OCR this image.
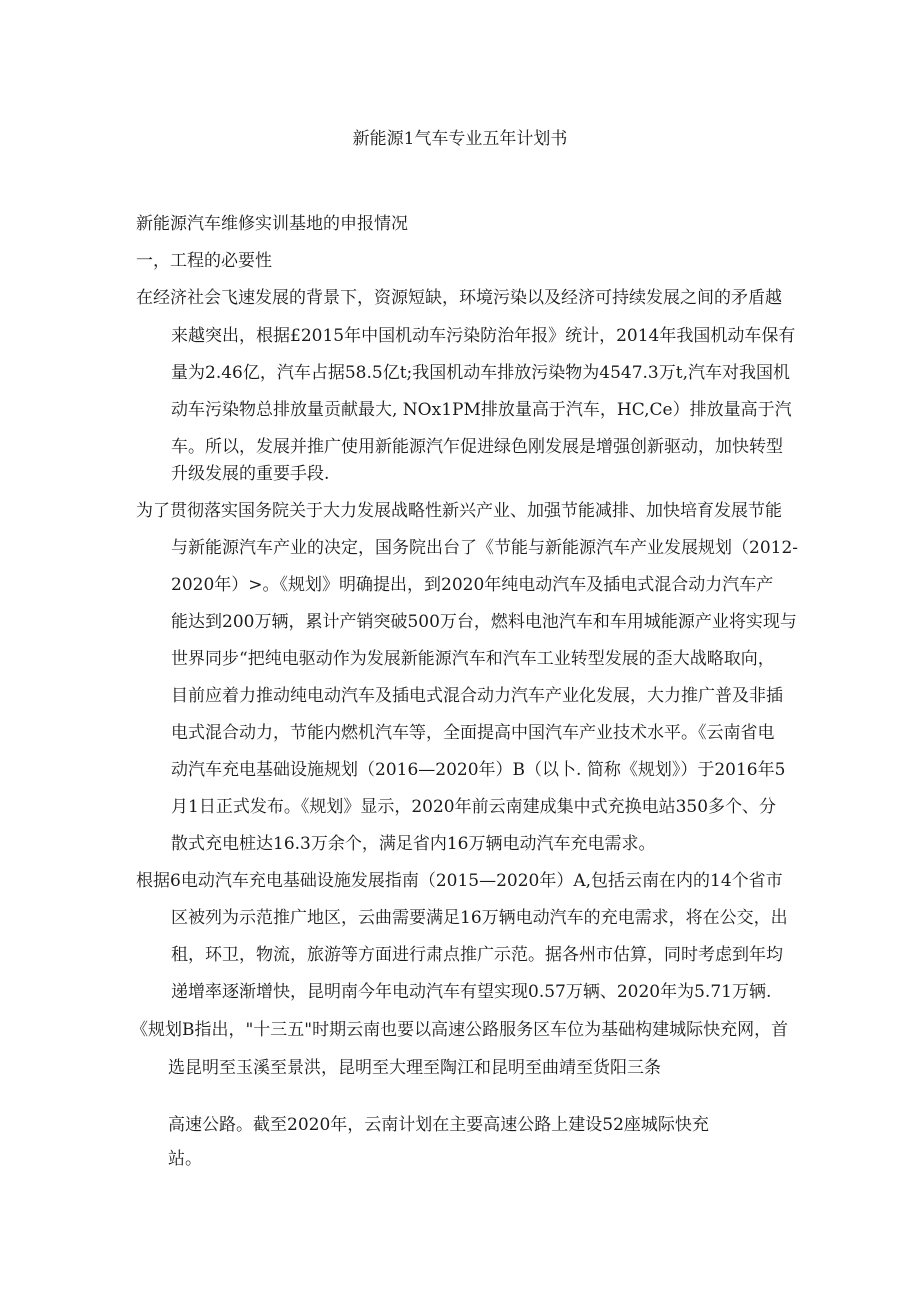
新能源1气车专业五年计划书
新能源汽车维修实训基地的申报情况
一，工程的必要性
在经济社会飞速发展的背景下，资源短缺，环境污染以及经济可持续发展之间的矛盾越
来越突出，根据£2015年中国机动车污染防治年报》统计，2014年我国机动车保有
量为2.46亿，汽车占据58.5亿t;我国机动车排放污染物为4547.3万t,汽车对我国机
动车污染物总排放量贡献最大, NOx1PM排放量高于汽车，HC,Ce）排放量高于汽
车。所以，发展并推广使用新能源汽乍促进绿色刚发展是增强创新驱动，加快转型
升级发展的重要手段.
为了贯彻落实国务院关于大力发展战略性新兴产业、加强节能减排、加快培育发展节能
与新能源汽车产业的决定，国务院出台了《节能与新能源汽车产业发展规划（2012-
2020年）>。《规划》明确提出，到2020年纯电动汽车及插电式混合动力汽车产
能达到200万辆，累计产销突破500万台，燃料电池汽车和车用城能源产业将实现与
世界同步“把纯电驱动作为发展新能源汽车和汽车工业转型发展的歪大战略取向，
目前应着力推动纯电动汽车及插电式混合动力汽车产业化发展，大力推广普及非插
电式混合动力，节能内燃机汽车等，全面提高中国汽车产业技术水平。《云南省电
动汽车充电基础设施规划（2016—2020年）B（以卜. 简称《规划》）于2016年5
月1日正式发布。《规划》显示，2020年前云南建成集中式充换电站350多个、分
散式充电桩达16.3万余个，满足省内16万辆电动汽车充电需求。
根据6电动汽车充电基础设施发展指南（2015—2020年）A,包括云南在内的14个省市
区被列为示范推广地区，云曲需要满足16万辆电动汽车的充电需求，将在公交，出
租，环卫，物流，旅游等方面进行肃点推广示范。据各州市估算，同时考虑到年均
递增率逐渐增快，昆明南今年电动汽车有望实现0.57万辆、2020年为5.71万辆.
《规划B指出，"十三五"时期云南也要以高速公路服务区车位为基础构建城际快充网，首
选昆明至玉溪至景洪，昆明至大理至陶江和昆明至曲靖至货阳三条
高速公路。截至2020年，云南计划在主要高速公路上建设52座城际快充
站。
